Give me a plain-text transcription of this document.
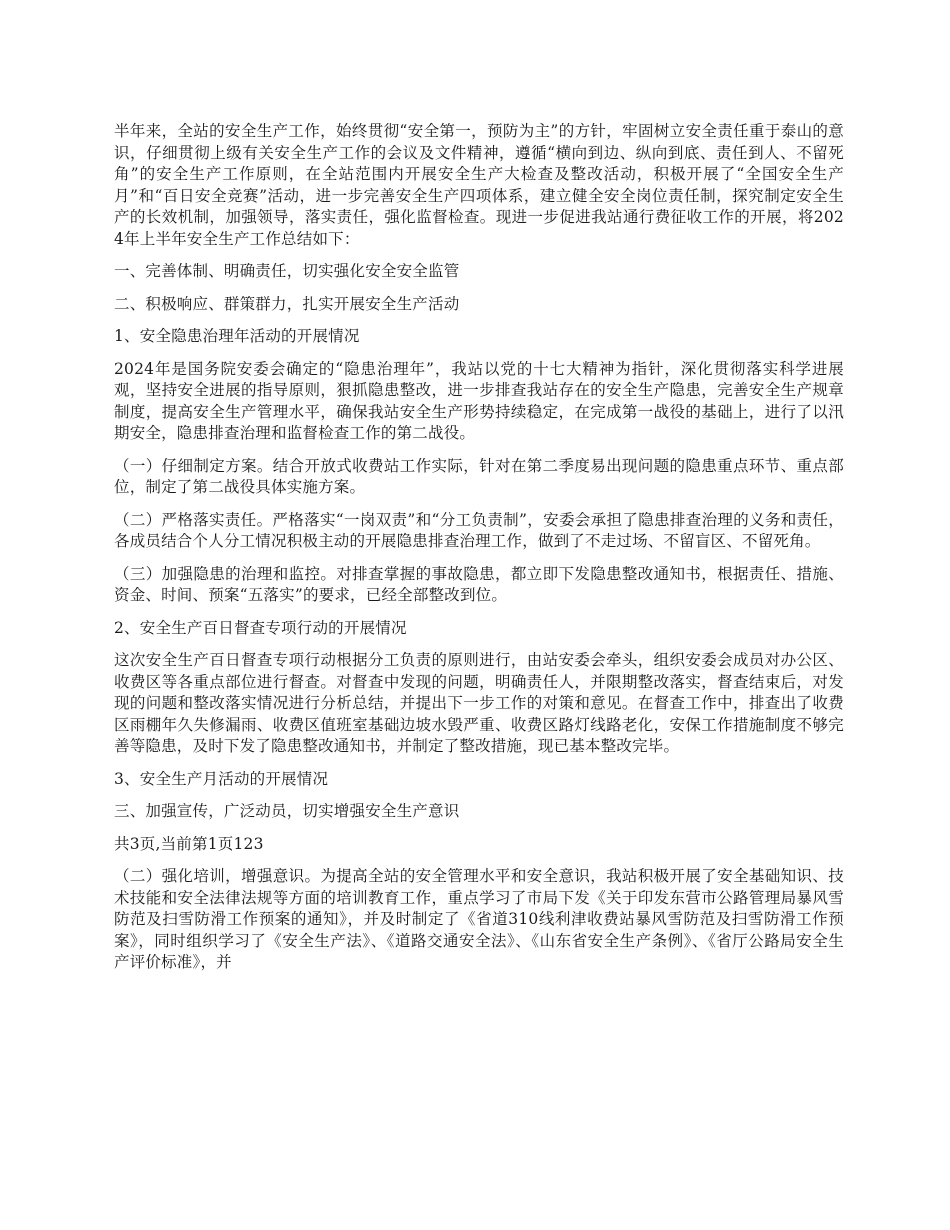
半年来，全站的安全生产工作，始终贯彻“安全第一，预防为主”的方针，牢固树立安全责任重于泰山的意识，仔细贯彻上级有关安全生产工作的会议及文件精神，遵循“横向到边、纵向到底、责任到人、不留死角”的安全生产工作原则，在全站范围内开展安全生产大检查及整改活动，积极开展了“全国安全生产月”和“百日安全竞赛”活动，进一步完善安全生产四项体系，建立健全安全岗位责任制，探究制定安全生产的长效机制，加强领导，落实责任，强化监督检查。现进一步促进我站通行费征收工作的开展，将2024年上半年安全生产工作总结如下：

一、完善体制、明确责任，切实强化安全安全监管

二、积极响应、群策群力，扎实开展安全生产活动

1、安全隐患治理年活动的开展情况

2024年是国务院安委会确定的“隐患治理年”，我站以党的十七大精神为指针，深化贯彻落实科学进展观，坚持安全进展的指导原则，狠抓隐患整改，进一步排查我站存在的安全生产隐患，完善安全生产规章制度，提高安全生产管理水平，确保我站安全生产形势持续稳定，在完成第一战役的基础上，进行了以汛期安全，隐患排查治理和监督检查工作的第二战役。

（一）仔细制定方案。结合开放式收费站工作实际，针对在第二季度易出现问题的隐患重点环节、重点部位，制定了第二战役具体实施方案。

（二）严格落实责任。严格落实“一岗双责”和“分工负责制”，安委会承担了隐患排查治理的义务和责任，各成员结合个人分工情况积极主动的开展隐患排查治理工作，做到了不走过场、不留盲区、不留死角。

（三）加强隐患的治理和监控。对排查掌握的事故隐患，都立即下发隐患整改通知书，根据责任、措施、资金、时间、预案“五落实”的要求，已经全部整改到位。

2、安全生产百日督查专项行动的开展情况

这次安全生产百日督查专项行动根据分工负责的原则进行，由站安委会牵头，组织安委会成员对办公区、收费区等各重点部位进行督查。对督查中发现的问题，明确责任人，并限期整改落实，督查结束后，对发现的问题和整改落实情况进行分析总结，并提出下一步工作的对策和意见。在督查工作中，排查出了收费区雨棚年久失修漏雨、收费区值班室基础边坡水毁严重、收费区路灯线路老化，安保工作措施制度不够完善等隐患，及时下发了隐患整改通知书，并制定了整改措施，现已基本整改完毕。

3、安全生产月活动的开展情况

三、加强宣传，广泛动员，切实增强安全生产意识

共3页,当前第1页123

（二）强化培训，增强意识。为提高全站的安全管理水平和安全意识，我站积极开展了安全基础知识、技术技能和安全法律法规等方面的培训教育工作，重点学习了市局下发《关于印发东营市公路管理局暴风雪防范及扫雪防滑工作预案的通知》，并及时制定了《省道310线利津收费站暴风雪防范及扫雪防滑工作预案》，同时组织学习了《安全生产法》、《道路交通安全法》、《山东省安全生产条例》、《省厅公路局安全生产评价标准》，并
